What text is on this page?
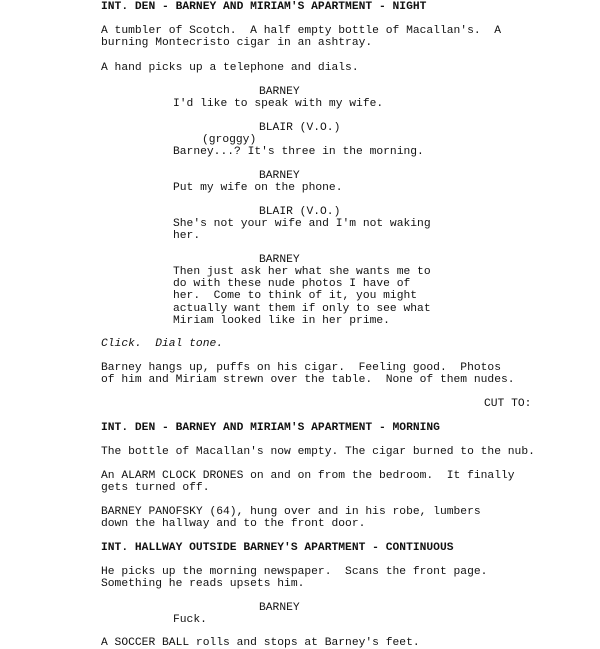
INT. DEN - BARNEY AND MIRIAM'S APARTMENT - NIGHT
A tumbler of Scotch.  A half empty bottle of Macallan's.  A
burning Montecristo cigar in an ashtray.
A hand picks up a telephone and dials.
BARNEY
I'd like to speak with my wife.
BLAIR (V.O.)
(groggy)
Barney...? It's three in the morning.
BARNEY
Put my wife on the phone.
BLAIR (V.O.)
She's not your wife and I'm not waking
her.
BARNEY
Then just ask her what she wants me to
do with these nude photos I have of
her.  Come to think of it, you might
actually want them if only to see what
Miriam looked like in her prime.
Click.  Dial tone.
Barney hangs up, puffs on his cigar.  Feeling good.  Photos
of him and Miriam strewn over the table.  None of them nudes.
CUT TO:
INT. DEN - BARNEY AND MIRIAM'S APARTMENT - MORNING
The bottle of Macallan's now empty. The cigar burned to the nub.
An ALARM CLOCK DRONES on and on from the bedroom.  It finally
gets turned off.
BARNEY PANOFSKY (64), hung over and in his robe, lumbers
down the hallway and to the front door.
INT. HALLWAY OUTSIDE BARNEY'S APARTMENT - CONTINUOUS
He picks up the morning newspaper.  Scans the front page.
Something he reads upsets him.
BARNEY
Fuck.
A SOCCER BALL rolls and stops at Barney's feet.
